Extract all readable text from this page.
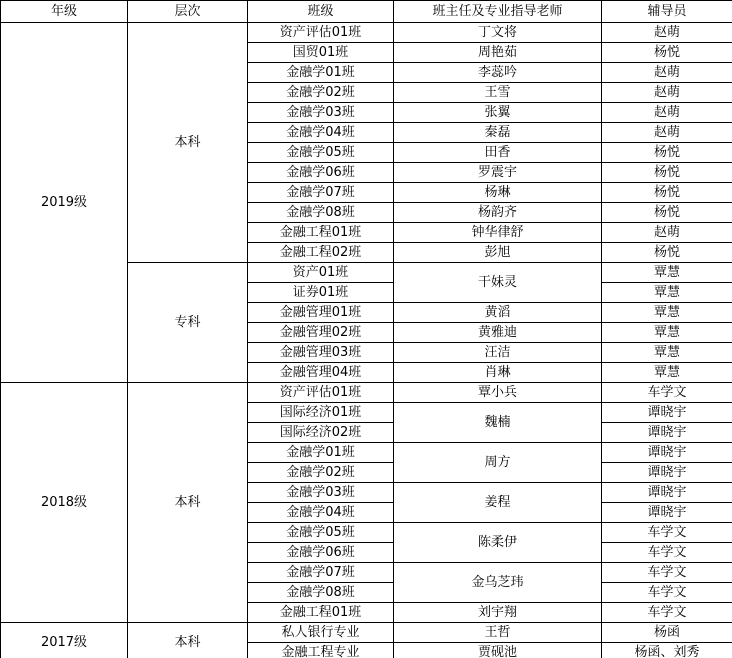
年级	层次	班级	班主任及专业指导老师	辅导员
2019级	本科	资产评估01班	丁文将	赵萌
		国贸01班	周艳茹	杨悦
		金融学01班	李蕊吟	赵萌
		金融学02班	王雪	赵萌
		金融学03班	张翼	赵萌
		金融学04班	秦磊	赵萌
		金融学05班	田香	杨悦
		金融学06班	罗震宇	杨悦
		金融学07班	杨琳	杨悦
		金融学08班	杨韵齐	杨悦
		金融工程01班	钟华律舒	赵萌
		金融工程02班	彭旭	杨悦
	专科	资产01班	干妹灵	覃慧
		证券01班		覃慧
		金融管理01班	黄滔	覃慧
		金融管理02班	黄雅迪	覃慧
		金融管理03班	汪洁	覃慧
		金融管理04班	肖琳	覃慧
2018级	本科	资产评估01班	覃小兵	车学文
		国际经济01班	魏楠	谭晓宇
		国际经济02班		谭晓宇
		金融学01班	周方	谭晓宇
		金融学02班		谭晓宇
		金融学03班	姜程	谭晓宇
		金融学04班		谭晓宇
		金融学05班	陈柔伊	车学文
		金融学06班		车学文
		金融学07班	金乌芝玮	车学文
		金融学08班		车学文
		金融工程01班	刘宇翔	车学文
2017级	本科	私人银行专业	王哲	杨函
		金融工程专业	贾砚池	杨函、刘秀
